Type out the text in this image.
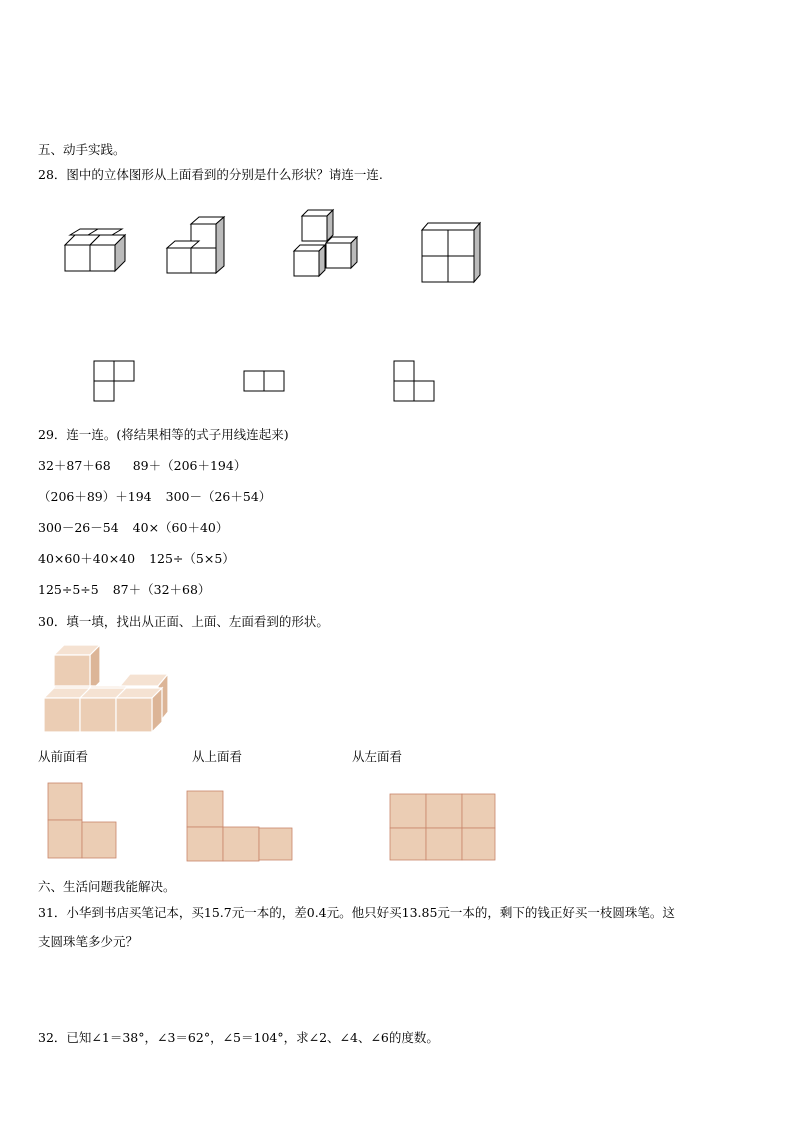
五、动手实践。
28．图中的立体图形从上面看到的分别是什么形状？请连一连.
29．连一连。(将结果相等的式子用线连起来)
32＋87＋68 89＋（206＋194）
（206＋89）＋194 300－（26＋54）
300－26－54 40×（60＋40）
40×60＋40×40 125÷（5×5）
125÷5÷5 87＋（32＋68）
30．填一填，找出从正面、上面、左面看到的形状。
从前面看	从上面看	从左面看
六、生活问题我能解决。
31．小华到书店买笔记本，买15.7元一本的，差0.4元。他只好买13.85元一本的，剩下的钱正好买一枝圆珠笔。这
支圆珠笔多少元？
32．已知∠1＝38°，∠3＝62°，∠5＝104°，求∠2、∠4、∠6的度数。
